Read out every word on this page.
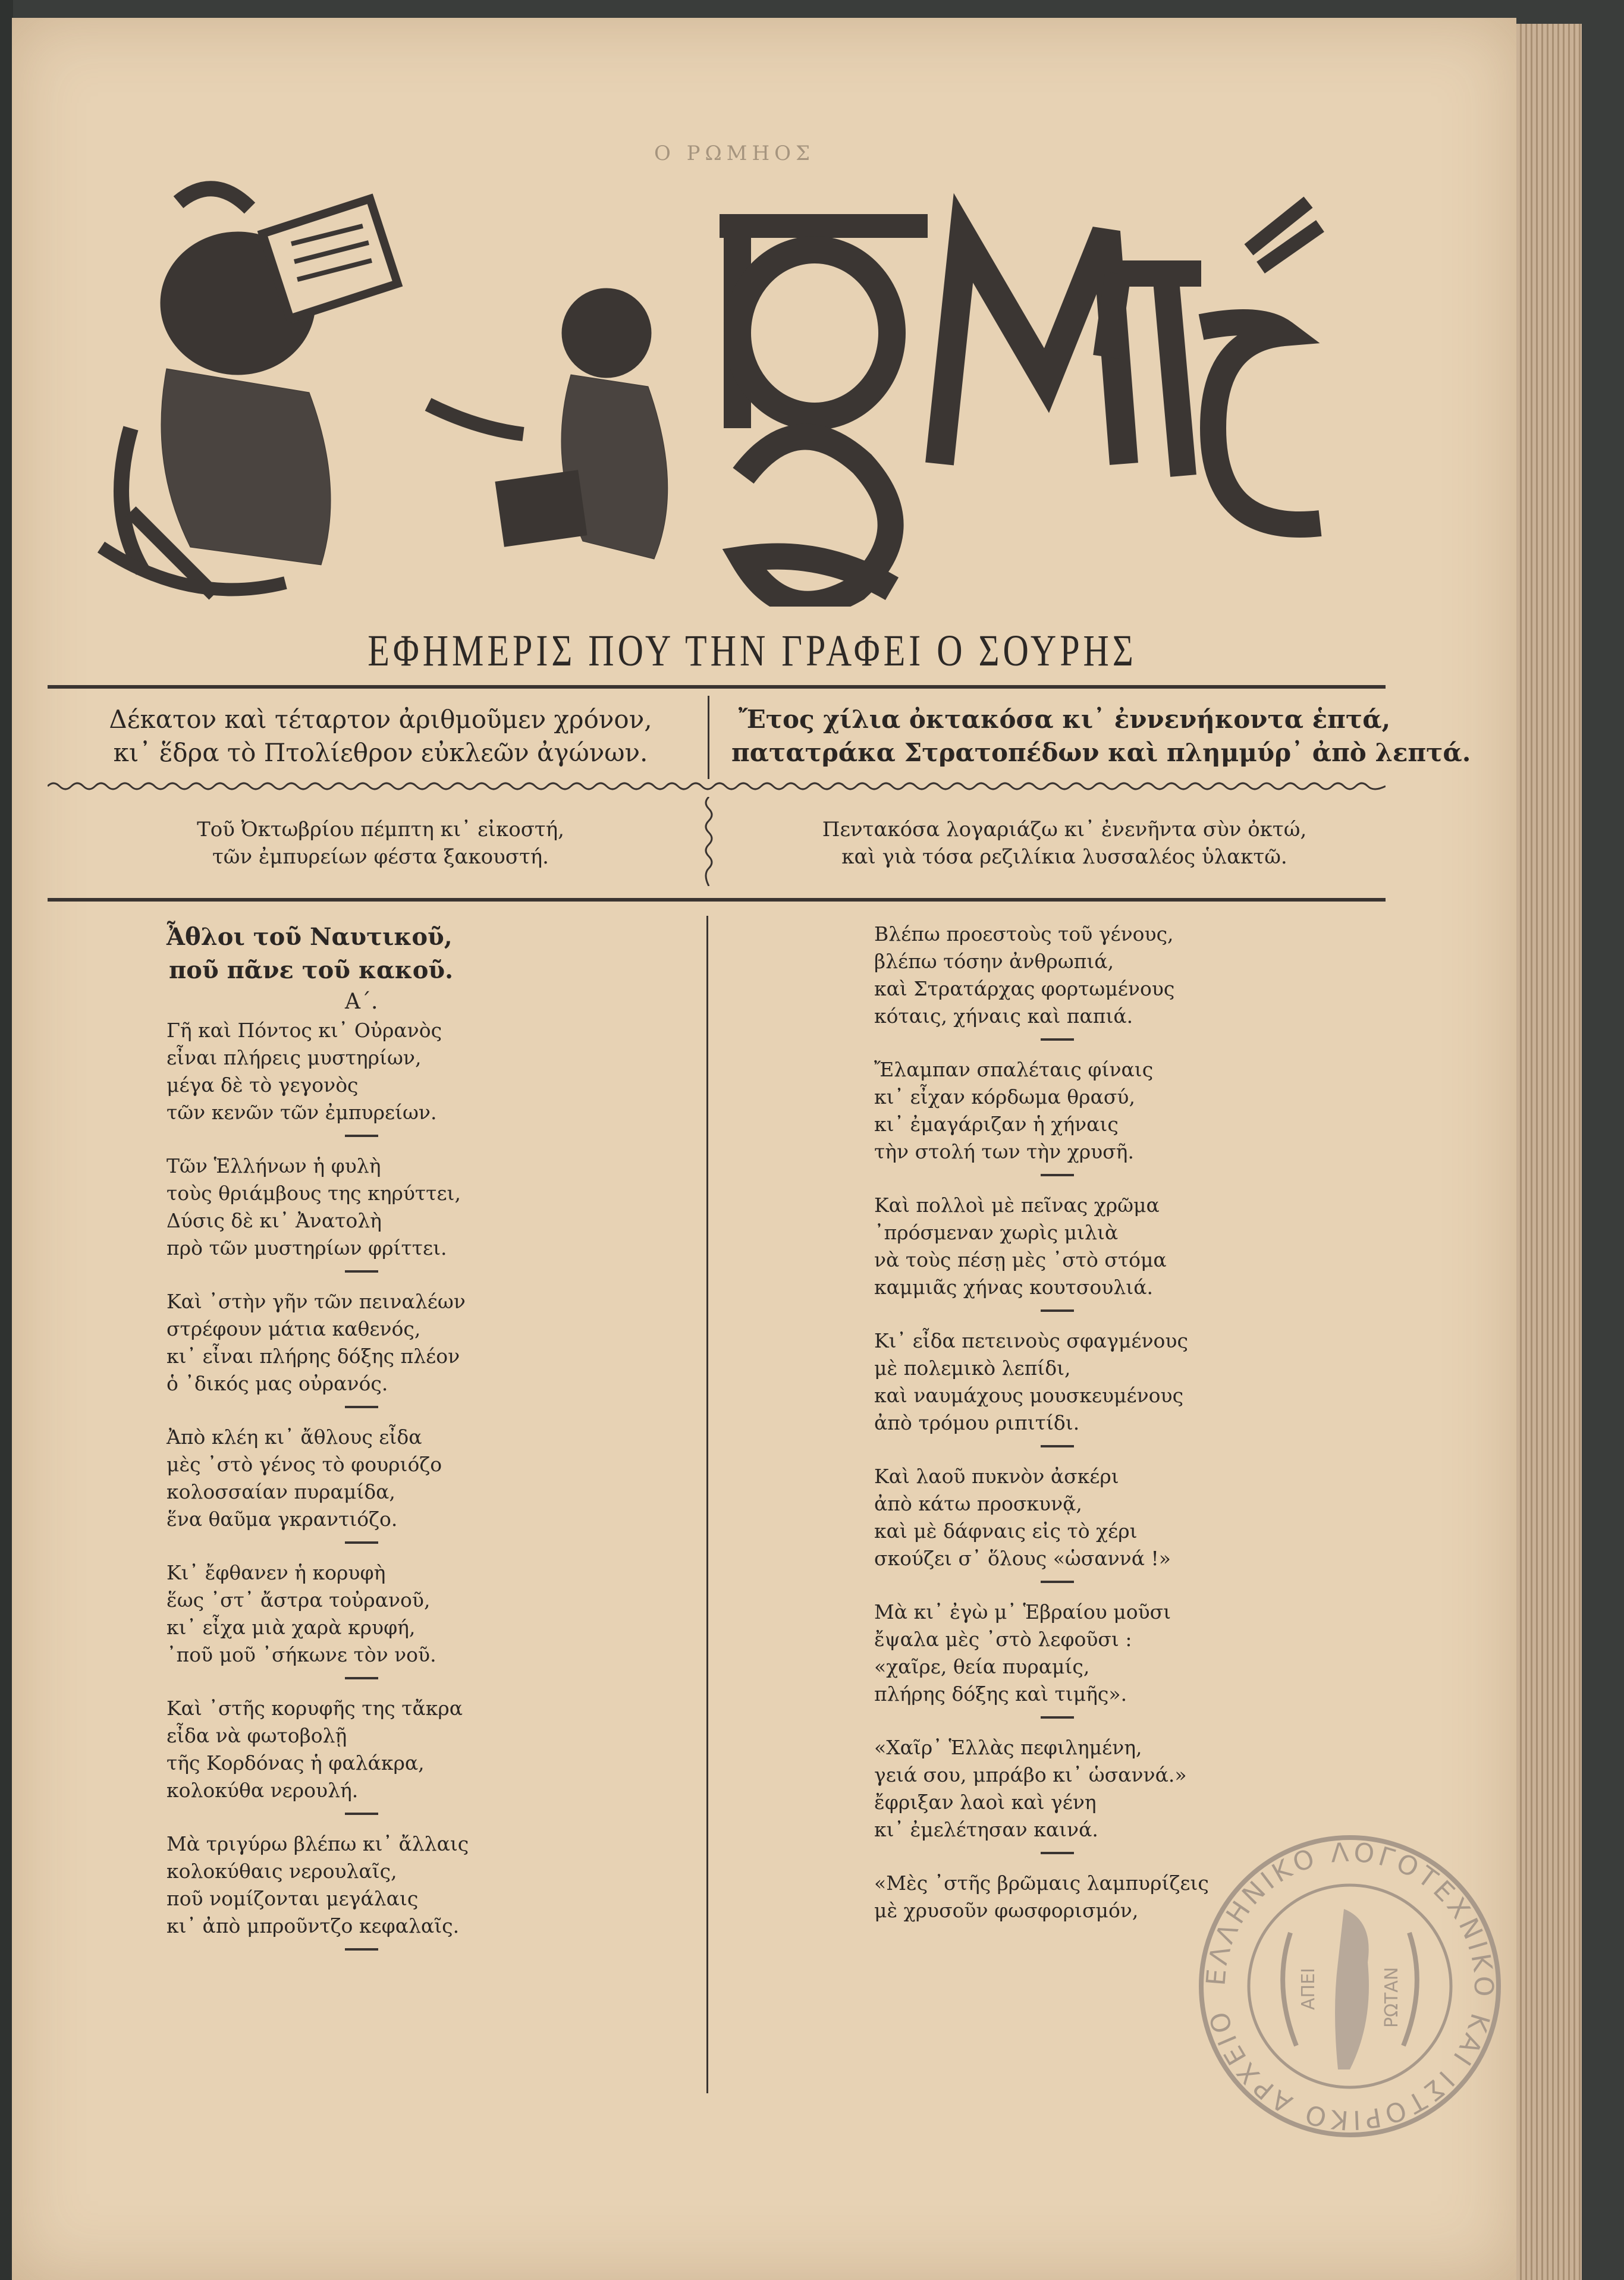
Ο ΡΩΜΗΟΣ
ΕΦΗΜΕΡΙΣ ΠΟΥ ΤΗΝ ΓΡΑΦΕΙ Ο ΣΟΥΡΗΣ
Δέκατον καὶ τέταρτον ἀριθμοῦμεν χρόνον,
κι᾿ ἕδρα τὸ Πτολίεθρον εὐκλεῶν ἀγώνων.
Ἔτος χίλια ὀκτακόσα κι᾿ ἐννενήκοντα ἑπτά,
πατατράκα Στρατοπέδων καὶ πλημμύρ᾿ ἀπὸ λεπτά.
Τοῦ Ὀκτωβρίου πέμπτη κι᾿ εἰκοστή,
τῶν ἐμπυρείων φέστα ξακουστή.
Πεντακόσα λογαριάζω κι᾿ ἐνενῆντα σὺν ὀκτώ,
καὶ γιὰ τόσα ρεζιλίκια λυσσαλέος ὑλακτῶ.
Ἆθλοι τοῦ Ναυτικοῦ,
ποῦ πᾶνε τοῦ κακοῦ.
Α΄.
Γῆ καὶ Πόντος κι᾿ Οὐρανὸς
εἶναι πλήρεις μυστηρίων,
μέγα δὲ τὸ γεγονὸς
τῶν κενῶν τῶν ἐμπυρείων.
Τῶν Ἑλλήνων ἡ φυλὴ
τοὺς θριάμβους της κηρύττει,
Δύσις δὲ κι᾿ Ἀνατολὴ
πρὸ τῶν μυστηρίων φρίττει.
Καὶ ᾿στὴν γῆν τῶν πειναλέων
στρέφουν μάτια καθενός,
κι᾿ εἶναι πλήρης δόξης πλέον
ὁ ᾿δικός μας οὐρανός.
Ἀπὸ κλέη κι᾿ ἄθλους εἶδα
μὲς ᾿στὸ γένος τὸ φουριόζο
κολοσσαίαν πυραμίδα,
ἕνα θαῦμα γκραντιόζο.
Κι᾿ ἔφθανεν ἡ κορυφὴ
ἕως ᾿στ᾿ ἄστρα τοὐρανοῦ,
κι᾿ εἶχα μιὰ χαρὰ κρυφή,
᾿ποῦ μοῦ ᾿σήκωνε τὸν νοῦ.
Καὶ ᾿στῆς κορυφῆς της τἄκρα
εἶδα νὰ φωτοβολῇ
τῆς Κορδόνας ἡ φαλάκρα,
κολοκύθα νερουλή.
Μὰ τριγύρω βλέπω κι᾿ ἄλλαις
κολοκύθαις νερουλαῖς,
ποῦ νομίζονται μεγάλαις
κι᾿ ἀπὸ μπροῦντζο κεφαλαῖς.
Βλέπω προεστοὺς τοῦ γένους,
βλέπω τόσην ἀνθρωπιά,
καὶ Στρατάρχας φορτωμένους
κόταις, χήναις καὶ παπιά.
Ἔλαμπαν σπαλέταις φίναις
κι᾿ εἶχαν κόρδωμα θρασύ,
κι᾿ ἐμαγάριζαν ἡ χήναις
τὴν στολή των τὴν χρυσῆ.
Καὶ πολλοὶ μὲ πεῖνας χρῶμα
᾿πρόσμεναν χωρὶς μιλιὰ
νὰ τοὺς πέσῃ μὲς ᾿στὸ στόμα
καμμιᾶς χήνας κουτσουλιά.
Κι᾿ εἶδα πετεινοὺς σφαγμένους
μὲ πολεμικὸ λεπίδι,
καὶ ναυμάχους μουσκευμένους
ἀπὸ τρόμου ριπιτίδι.
Καὶ λαοῦ πυκνὸν ἀσκέρι
ἀπὸ κάτω προσκυνᾷ,
καὶ μὲ δάφναις εἰς τὸ χέρι
σκούζει σ᾿ ὅλους «ὡσαννά !»
Μὰ κι᾿ ἐγὼ μ᾿ Ἑβραίου μοῦσι
ἔψαλα μὲς ᾿στὸ λεφοῦσι :
«χαῖρε, θεία πυραμίς,
πλήρης δόξης καὶ τιμῆς».
«Χαῖρ᾿ Ἑλλὰς πεφιλημένη,
γειά σου, μπράβο κι᾿ ὡσαννά.»
ἔφριξαν λαοὶ καὶ γένη
κι᾿ ἐμελέτησαν καινά.
«Μὲς ᾿στῆς βρῶμαις λαμπυρίζεις
μὲ χρυσοῦν φωσφορισμόν,
ΕΛΛΗΝΙΚΟ ΛΟΓΟΤΕΧΝΙΚΟ ΚΑΙ ΙΣΤΟΡΙΚΟ ΑΡΧΕΙΟ
ΑΠΕΙ	ΡΩΤΑΝ
